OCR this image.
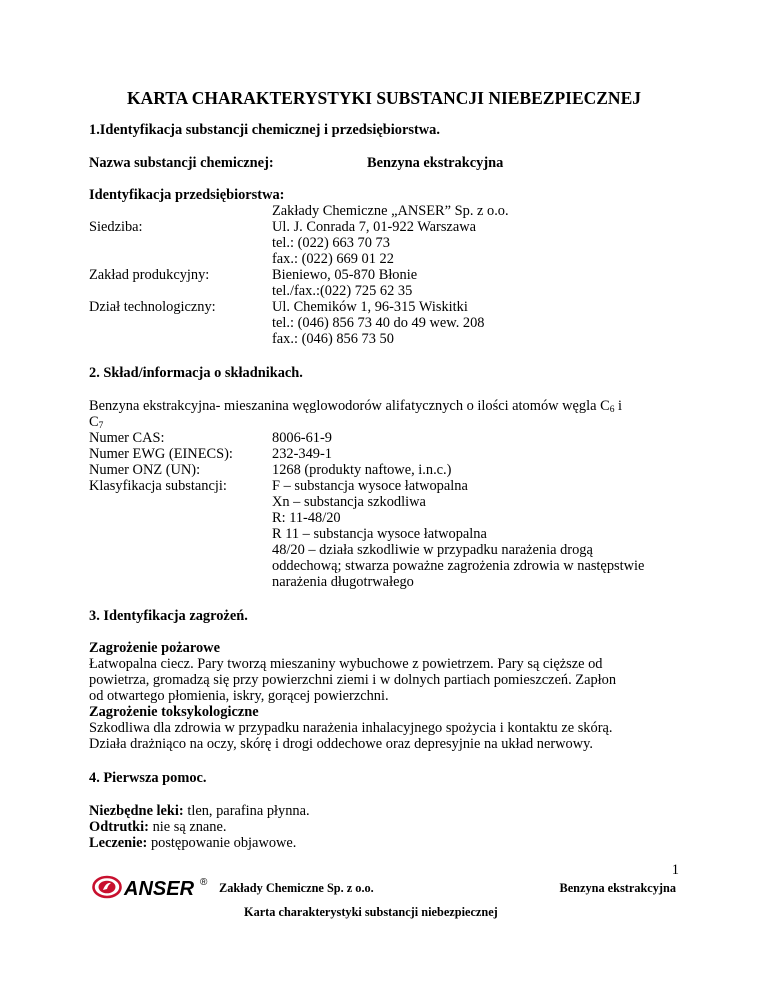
KARTA CHARAKTERYSTYKI SUBSTANCJI NIEBEZPIECZNEJ
1.Identyfikacja substancji chemicznej i przedsiębiorstwa.
Nazwa substancji chemicznej:	Benzyna ekstrakcyjna
Identyfikacja przedsiębiorstwa:
Zakłady Chemiczne „ANSER” Sp. z o.o.
Siedziba:	Ul. J. Conrada 7, 01-922 Warszawa
tel.: (022) 663 70 73
fax.: (022) 669 01 22
Zakład produkcyjny:	Bieniewo, 05-870 Błonie
tel./fax.:(022) 725 62 35
Dział technologiczny:	Ul. Chemików 1, 96-315 Wiskitki
tel.: (046) 856 73 40 do 49 wew. 208
fax.: (046) 856 73 50
2. Skład/informacja o składnikach.
Benzyna ekstrakcyjna- mieszanina węglowodorów alifatycznych o ilości atomów węgla $C_6$ i
$C_7$
Numer CAS:	8006-61-9
Numer EWG (EINECS):	232-349-1
Numer ONZ (UN):	1268 (produkty naftowe, i.n.c.)
Klasyfikacja substancji:	F – substancja wysoce łatwopalna
Xn – substancja szkodliwa
R: 11-48/20
R 11 – substancja wysoce łatwopalna
48/20 – działa szkodliwie w przypadku narażenia drogą
oddechową; stwarza poważne zagrożenia zdrowia w następstwie
narażenia długotrwałego
3. Identyfikacja zagrożeń.
Zagrożenie pożarowe
Łatwopalna ciecz. Pary tworzą mieszaniny wybuchowe z powietrzem. Pary są cięższe od
powietrza, gromadzą się przy powierzchni ziemi i w dolnych partiach pomieszczeń. Zapłon
od otwartego płomienia, iskry, gorącej powierzchni.
Zagrożenie toksykologiczne
Szkodliwa dla zdrowia w przypadku narażenia inhalacyjnego spożycia i kontaktu ze skórą.
Działa drażniąco na oczy, skórę i drogi oddechowe oraz depresyjnie na układ nerwowy.
4. Pierwsza pomoc.
Niezbędne leki: tlen, parafina płynna.
Odtrutki: nie są znane.
Leczenie: postępowanie objawowe.
1
ANSER ® Zakłady Chemiczne Sp. z o.o.	Benzyna ekstrakcyjna
Karta charakterystyki substancji niebezpiecznej
